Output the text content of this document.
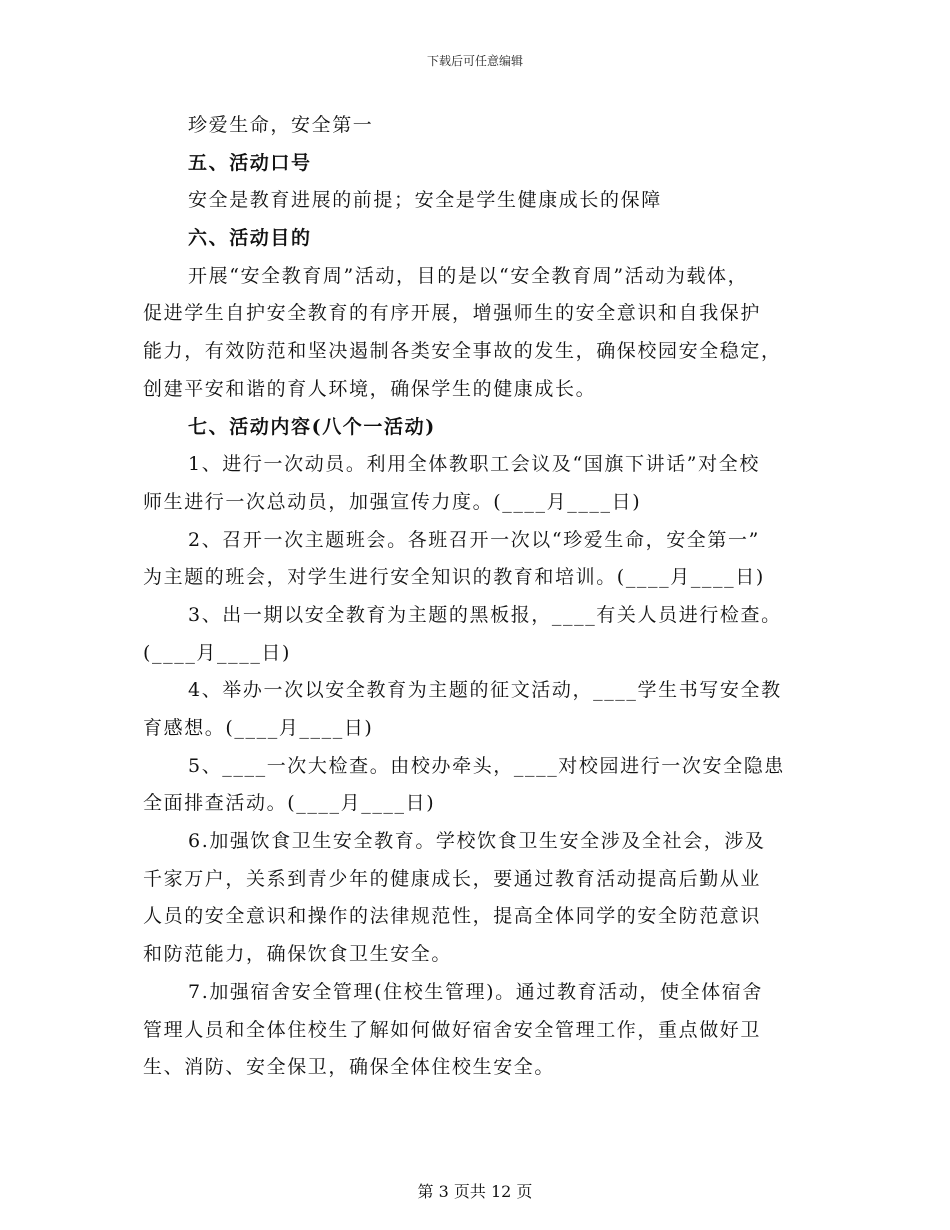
下载后可任意编辑
珍爱生命，安全第一
五、活动口号
安全是教育进展的前提；安全是学生健康成长的保障
六、活动目的
开展“安全教育周”活动，目的是以“安全教育周”活动为载体，
促进学生自护安全教育的有序开展，增强师生的安全意识和自我保护
能力，有效防范和坚决遏制各类安全事故的发生，确保校园安全稳定，
创建平安和谐的育人环境，确保学生的健康成长。
七、活动内容(八个一活动)
1、进行一次动员。利用全体教职工会议及“国旗下讲话”对全校
师生进行一次总动员，加强宣传力度。(____月____日)
2、召开一次主题班会。各班召开一次以“珍爱生命，安全第一”
为主题的班会，对学生进行安全知识的教育和培训。(____月____日)
3、出一期以安全教育为主题的黑板报，____有关人员进行检查。
(____月____日)
4、举办一次以安全教育为主题的征文活动，____学生书写安全教
育感想。(____月____日)
5、____一次大检查。由校办牵头，____对校园进行一次安全隐患
全面排查活动。(____月____日)
6.加强饮食卫生安全教育。学校饮食卫生安全涉及全社会，涉及
千家万户，关系到青少年的健康成长，要通过教育活动提高后勤从业
人员的安全意识和操作的法律规范性，提高全体同学的安全防范意识
和防范能力，确保饮食卫生安全。
7.加强宿舍安全管理(住校生管理)。通过教育活动，使全体宿舍
管理人员和全体住校生了解如何做好宿舍安全管理工作，重点做好卫
生、消防、安全保卫，确保全体住校生安全。
第 3 页共 12 页
